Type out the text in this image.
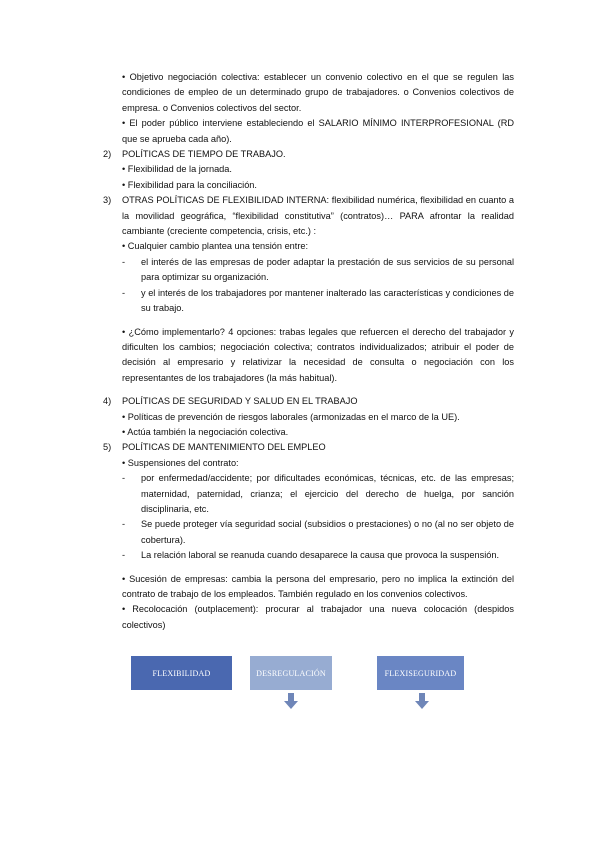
• Objetivo negociación colectiva: establecer un convenio colectivo en el que se regulen las condiciones de empleo de un determinado grupo de trabajadores. o Convenios colectivos de empresa. o Convenios colectivos del sector.

• El poder público interviene estableciendo el SALARIO MÍNIMO INTERPROFESIONAL (RD que se aprueba cada año).

2) POLÍTICAS DE TIEMPO DE TRABAJO.

• Flexibilidad de la jornada.

• Flexibilidad para la conciliación.

3) OTRAS POLÍTICAS DE FLEXIBILIDAD INTERNA: flexibilidad numérica, flexibilidad en cuanto a la movilidad geográfica, “flexibilidad constitutiva” (contratos)… PARA afrontar la realidad cambiante (creciente competencia, crisis, etc.) :

• Cualquier cambio plantea una tensión entre:

- el interés de las empresas de poder adaptar la prestación de sus servicios de su personal para optimizar su organización.

- y el interés de los trabajadores por mantener inalterado las características y condiciones de su trabajo.

• ¿Cómo implementarlo? 4 opciones: trabas legales que refuercen el derecho del trabajador y dificulten los cambios; negociación colectiva; contratos individualizados; atribuir el poder de decisión al empresario y relativizar la necesidad de consulta o negociación con los representantes de los trabajadores (la más habitual).

4) POLÍTICAS DE SEGURIDAD Y SALUD EN EL TRABAJO

• Políticas de prevención de riesgos laborales (armonizadas en el marco de la UE).

• Actúa también la negociación colectiva.

5) POLÍTICAS DE MANTENIMIENTO DEL EMPLEO

• Suspensiones del contrato:

- por enfermedad/accidente; por dificultades económicas, técnicas, etc. de las empresas; maternidad, paternidad, crianza; el ejercicio del derecho de huelga, por sanción disciplinaria, etc.

- Se puede proteger vía seguridad social (subsidios o prestaciones) o no (al no ser objeto de cobertura).

- La relación laboral se reanuda cuando desaparece la causa que provoca la suspensión.

• Sucesión de empresas: cambia la persona del empresario, pero no implica la extinción del contrato de trabajo de los empleados. También regulado en los convenios colectivos.

• Recolocación (outplacement): procurar al trabajador una nueva colocación (despidos colectivos)

FLEXIBILIDAD	DESREGULACIÓN	FLEXISEGURIDAD
